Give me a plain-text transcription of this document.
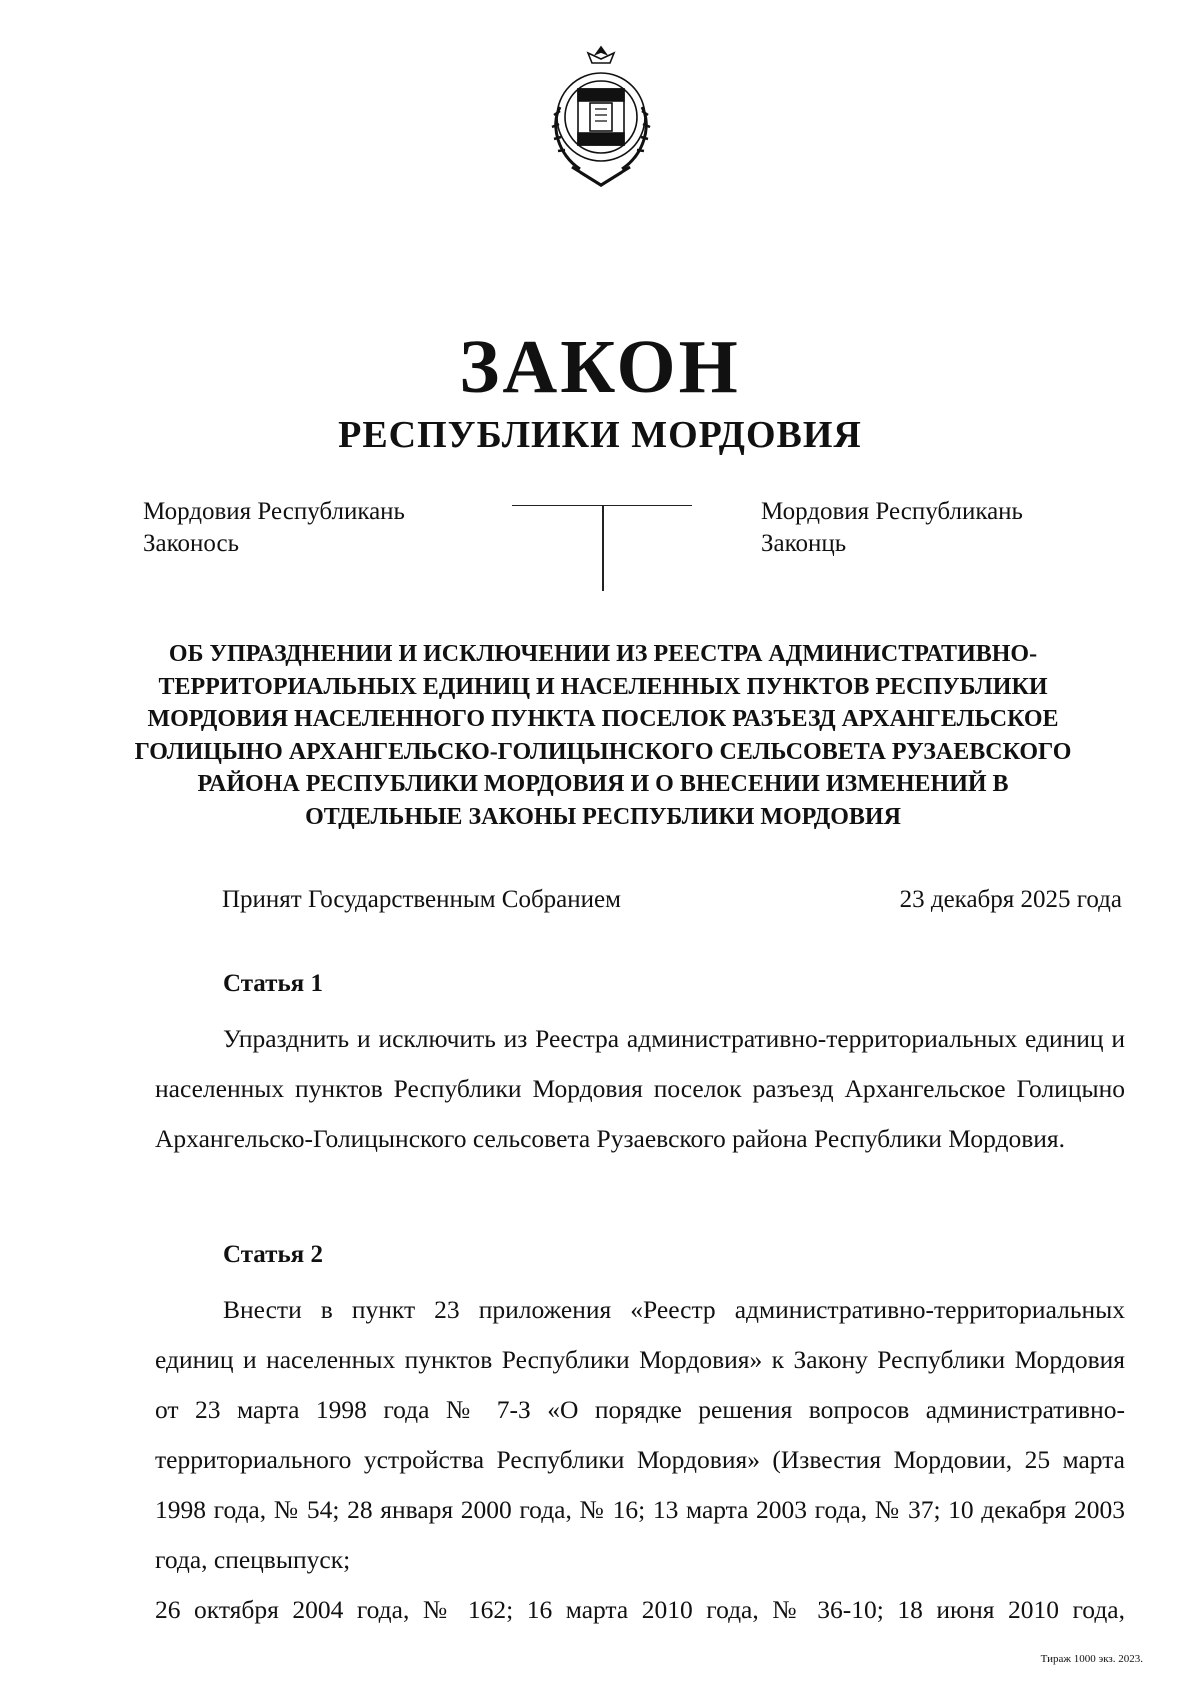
ЗАКОН
РЕСПУБЛИКИ МОРДОВИЯ
Мордовия Республикань
Законось
Мордовия Республикань
Законць
ОБ УПРАЗДНЕНИИ И ИСКЛЮЧЕНИИ ИЗ РЕЕСТРА АДМИНИСТРАТИВНО-ТЕРРИТОРИАЛЬНЫХ ЕДИНИЦ И НАСЕЛЕННЫХ ПУНКТОВ РЕСПУБЛИКИ МОРДОВИЯ НАСЕЛЕННОГО ПУНКТА ПОСЕЛОК РАЗЪЕЗД АРХАНГЕЛЬСКОЕ ГОЛИЦЫНО АРХАНГЕЛЬСКО-ГОЛИЦЫНСКОГО СЕЛЬСОВЕТА РУЗАЕВСКОГО РАЙОНА РЕСПУБЛИКИ МОРДОВИЯ И О ВНЕСЕНИИ ИЗМЕНЕНИЙ В ОТДЕЛЬНЫЕ ЗАКОНЫ РЕСПУБЛИКИ МОРДОВИЯ
Принят Государственным Собранием	23 декабря 2025 года
Статья 1
Упразднить и исключить из Реестра административно-территориальных единиц и населенных пунктов Республики Мордовия поселок разъезд Архангельское Голицыно Архангельско-Голицынского сельсовета Рузаевского района Республики Мордовия.
Статья 2
Внести в пункт 23 приложения «Реестр административно-территориальных единиц и населенных пунктов Республики Мордовия» к Закону Республики Мордовия от 23 марта 1998 года № 7-З «О порядке решения вопросов административно-территориального устройства Республики Мордовия» (Известия Мордовии, 25 марта 1998 года, № 54; 28 января 2000 года, № 16; 13 марта 2003 года, № 37; 10 декабря 2003 года, спецвыпуск;
26 октября 2004 года, № 162; 16 марта 2010 года, № 36-10; 18 июня 2010 года,
Тираж 1000 экз. 2023.
